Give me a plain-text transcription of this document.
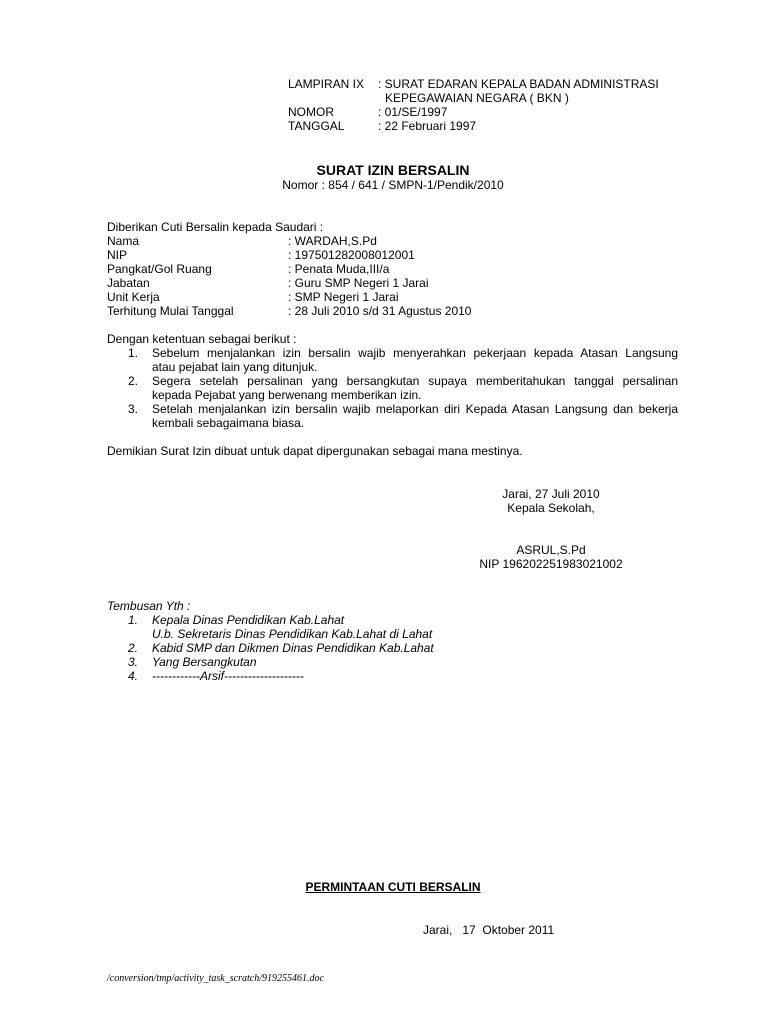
LAMPIRAN IX : SURAT EDARAN KEPALA BADAN ADMINISTRASI
KEPEGAWAIAN NEGARA ( BKN )
NOMOR	: 01/SE/1997
TANGGAL	: 22 Februari 1997
SURAT IZIN BERSALIN
Nomor : 854 / 641 / SMPN-1/Pendik/2010
Diberikan Cuti Bersalin kepada Saudari :
Nama	: WARDAH,S.Pd
NIP	: 197501282008012001
Pangkat/Gol Ruang	: Penata Muda,III/a
Jabatan	: Guru SMP Negeri 1 Jarai
Unit Kerja	: SMP Negeri 1 Jarai
Terhitung Mulai Tanggal	: 28 Juli 2010 s/d 31 Agustus 2010
Dengan ketentuan sebagai berikut :
1. Sebelum menjalankan izin bersalin wajib menyerahkan pekerjaan kepada Atasan Langsung
atau pejabat lain yang ditunjuk.
2. Segera setelah persalinan yang bersangkutan supaya memberitahukan tanggal persalinan
kepada Pejabat yang berwenang memberikan izin.
3. Setelah menjalankan izin bersalin wajib melaporkan diri Kepada Atasan Langsung dan bekerja
kembali sebagaimana biasa.
Demikian Surat Izin dibuat untuk dapat dipergunakan sebagai mana mestinya.
Jarai, 27 Juli 2010
Kepala Sekolah,
ASRUL,S.Pd
NIP 196202251983021002
Tembusan Yth :
1. Kepala Dinas Pendidikan Kab.Lahat
U.b. Sekretaris Dinas Pendidikan Kab.Lahat di Lahat
2. Kabid SMP dan Dikmen Dinas Pendidikan Kab.Lahat
3. Yang Bersangkutan
4. ------------Arsif--------------------
PERMINTAAN CUTI BERSALIN
Jarai,   17  Oktober 2011
/conversion/tmp/activity_task_scratch/919255461.doc
